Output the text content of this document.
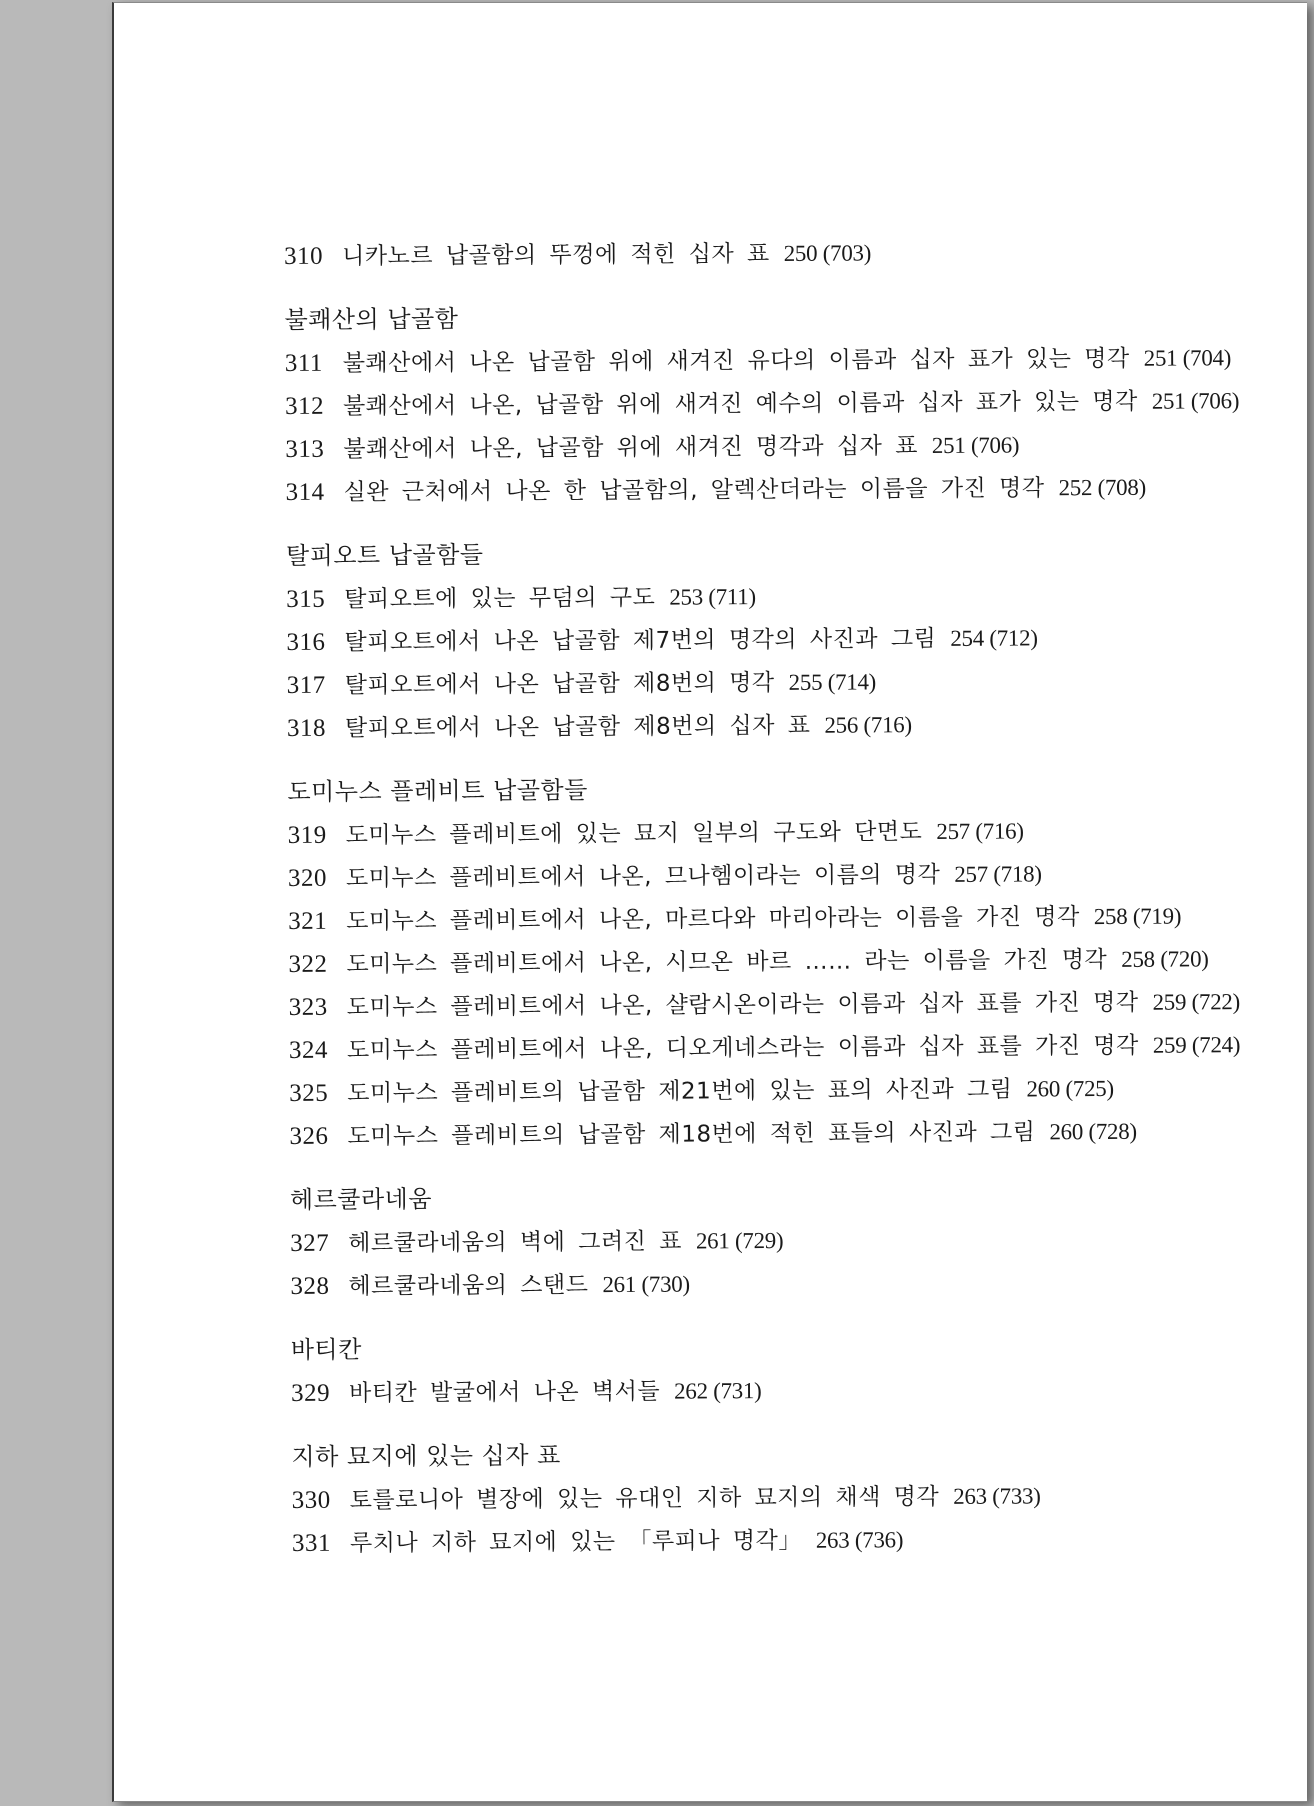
310 니카노르 납골함의 뚜껑에 적힌 십자 표 250 (703)
불쾌산의 납골함
311 불쾌산에서 나온 납골함 위에 새겨진 유다의 이름과 십자 표가 있는 명각 251 (704)
312 불쾌산에서 나온, 납골함 위에 새겨진 예수의 이름과 십자 표가 있는 명각 251 (706)
313 불쾌산에서 나온, 납골함 위에 새겨진 명각과 십자 표 251 (706)
314 실완 근처에서 나온 한 납골함의, 알렉산더라는 이름을 가진 명각 252 (708)
탈피오트 납골함들
315 탈피오트에 있는 무덤의 구도 253 (711)
316 탈피오트에서 나온 납골함 제7번의 명각의 사진과 그림 254 (712)
317 탈피오트에서 나온 납골함 제8번의 명각 255 (714)
318 탈피오트에서 나온 납골함 제8번의 십자 표 256 (716)
도미누스 플레비트 납골함들
319 도미누스 플레비트에 있는 묘지 일부의 구도와 단면도 257 (716)
320 도미누스 플레비트에서 나온, 므나헴이라는 이름의 명각 257 (718)
321 도미누스 플레비트에서 나온, 마르다와 마리아라는 이름을 가진 명각 258 (719)
322 도미누스 플레비트에서 나온, 시므온 바르 …… 라는 이름을 가진 명각 258 (720)
323 도미누스 플레비트에서 나온, 샬람시온이라는 이름과 십자 표를 가진 명각 259 (722)
324 도미누스 플레비트에서 나온, 디오게네스라는 이름과 십자 표를 가진 명각 259 (724)
325 도미누스 플레비트의 납골함 제21번에 있는 표의 사진과 그림 260 (725)
326 도미누스 플레비트의 납골함 제18번에 적힌 표들의 사진과 그림 260 (728)
헤르쿨라네움
327 헤르쿨라네움의 벽에 그려진 표 261 (729)
328 헤르쿨라네움의 스탠드 261 (730)
바티칸
329 바티칸 발굴에서 나온 벽서들 262 (731)
지하 묘지에 있는 십자 표
330 토를로니아 별장에 있는 유대인 지하 묘지의 채색 명각 263 (733)
331 루치나 지하 묘지에 있는 「루피나 명각」 263 (736)
